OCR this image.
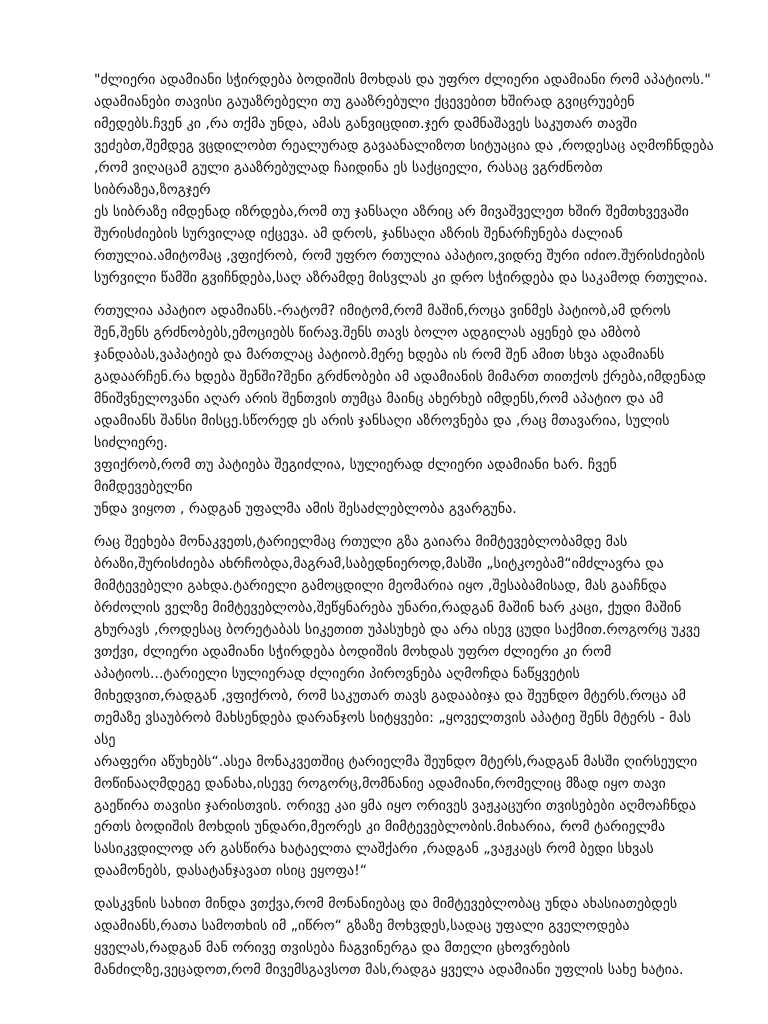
"ძლიერი ადამიანი სჭირდება ბოდიშის მოხდას და უფრო ძლიერი ადამიანი რომ აპატიოს."
ადამიანები თავისი გაუაზრებელი თუ გააზრებული ქცევებით ხშირად გვიცრუებენ
იმედებს.ჩვენ კი ,რა თქმა უნდა, ამას განვიცდით.ჯერ დამნაშავეს საკუთარ თავში
ვეძებთ,შემდეგ ვცდილობთ რეალურად გავაანალიზოთ სიტუაცია და ,როდესაც აღმოჩნდება
,რომ ვიღაცამ გული გააზრებულად ჩაიდინა ეს საქციელი, რასაც ვგრძნობთ სიბრაზეა,ზოგჯერ
ეს სიბრაზე იმდენად იზრდება,რომ თუ ჯანსაღი აზრიც არ მივაშველეთ ხშირ შემთხვევაში
შურისძიების სურვილად იქცევა. ამ დროს, ჯანსაღი აზრის შენარჩუნება ძალიან
რთულია.ამიტომაც ,ვფიქრობ, რომ უფრო რთულია აპატიო,ვიდრე შური იძიო.შურისძიების
სურვილი წამში გვიჩნდება,საღ აზრამდე მისვლას კი დრო სჭირდება და საკამოდ რთულია.

რთულია აპატიო ადამიანს.-რატომ? იმიტომ,რომ მაშინ,როცა ვინმეს პატიობ,ამ დროს
შენ,შენს გრძნობებს,ემოციებს წირავ.შენს თავს ბოლო ადგილას აყენებ და ამბობ
ჯანდაბას,ვაპატიებ და მართლაც პატიობ.მერე ხდება ის რომ შენ ამით სხვა ადამიანს
გადაარჩენ.რა ხდება შენში?შენი გრძნობები ამ ადამიანის მიმართ თითქოს ქრება,იმდენად
მნიშვნელოვანი აღარ არის შენთვის თუმცა მაინც ახერხებ იმდენს,რომ აპატიო და ამ
ადამიანს შანსი მისცე.სწორედ ეს არის ჯანსაღი აზროვნება და ,რაც მთავარია, სულის
სიძლიერე.
ვფიქრობ,რომ თუ პატიება შეგიძლია, სულიერად ძლიერი ადამიანი ხარ. ჩვენ მიმდევებელნი
უნდა ვიყოთ , რადგან უფალმა ამის შესაძლებლობა გვარგუნა.

რაც შეეხება მონაკვეთს,ტარიელმაც რთული გზა გაიარა მიმტევებლობამდე მას
ბრაზი,შურისძიება ახრჩობდა,მაგრამ,საბედნიეროდ,მასში „სიტკოებამ“იმძლავრა და
მიმტევებელი გახდა.ტარიელი გამოცდილი მეომარია იყო ,შესაბამისად, მას გააჩნდა
ბრძოლის ველზე მიმტევებლობა,შეწყნარება უნარი,რადგან მაშინ ხარ კაცი, ქუდი მაშინ
გხურავს ,როდესაც ბორეტაბას სიკეთით უპასუხებ და არა ისევ ცუდი საქმით.როგორც უკვე
ვთქვი, ძლიერი ადამიანი სჭირდება ბოდიშის მოხდას უფრო ძლიერი კი რომ
აპატიოს...ტარიელი სულიერად ძლიერი პიროვნება აღმოჩდა ნაწყვეტის
მიხედვით,რადგან ,ვფიქრობ, რომ საკუთარ თავს გადააბიჯა და შეუნდო მტერს.როცა ამ
თემაზე ვსაუბრობ მახსენდება დარანჯოს სიტყვები: „ყოველთვის აპატიე შენს მტერს - მას ასე
არაფერი აწუხებს“.ასეა მონაკვეთშიც ტარიელმა შეუნდო მტერს,რადგან მასში ღირსეული
მოწინააღმდეგე დანახა,ისევე როგორც,მომნანიე ადამიანი,რომელიც მზად იყო თავი
გაეწირა თავისი ჯარისთვის. ორივე კაი ყმა იყო ორივეს ვაჟკაცური თვისებები აღმოაჩნდა
ერთს ბოდიშის მოხდის უნდარი,მეორეს კი მიმტევებლობის.მიხარია, რომ ტარიელმა
სასიკვდილოდ არ გასწირა ხატაელთა ლაშქარი ,რადგან „ვაჟკაცს რომ ბედი სხვას
დაამონებს, დასატანჯავათ ისიც ეყოფა!“

დასკვნის სახით მინდა ვთქვა,რომ მონანიებაც და მიმტევებლობაც უნდა ახასიათებდეს
ადამიანს,რათა სამოთხის იმ „იწრო“ გზაზე მოხვდეს,სადაც უფალი გველოდება
ყველას,რადგან მან ორივე თვისება ჩაგვინერგა და მთელი ცხოვრების
მანძილზე,ვეცადოთ,რომ მივემსგავსოთ მას,რადგა ყველა ადამიანი უფლის სახე ხატია.
